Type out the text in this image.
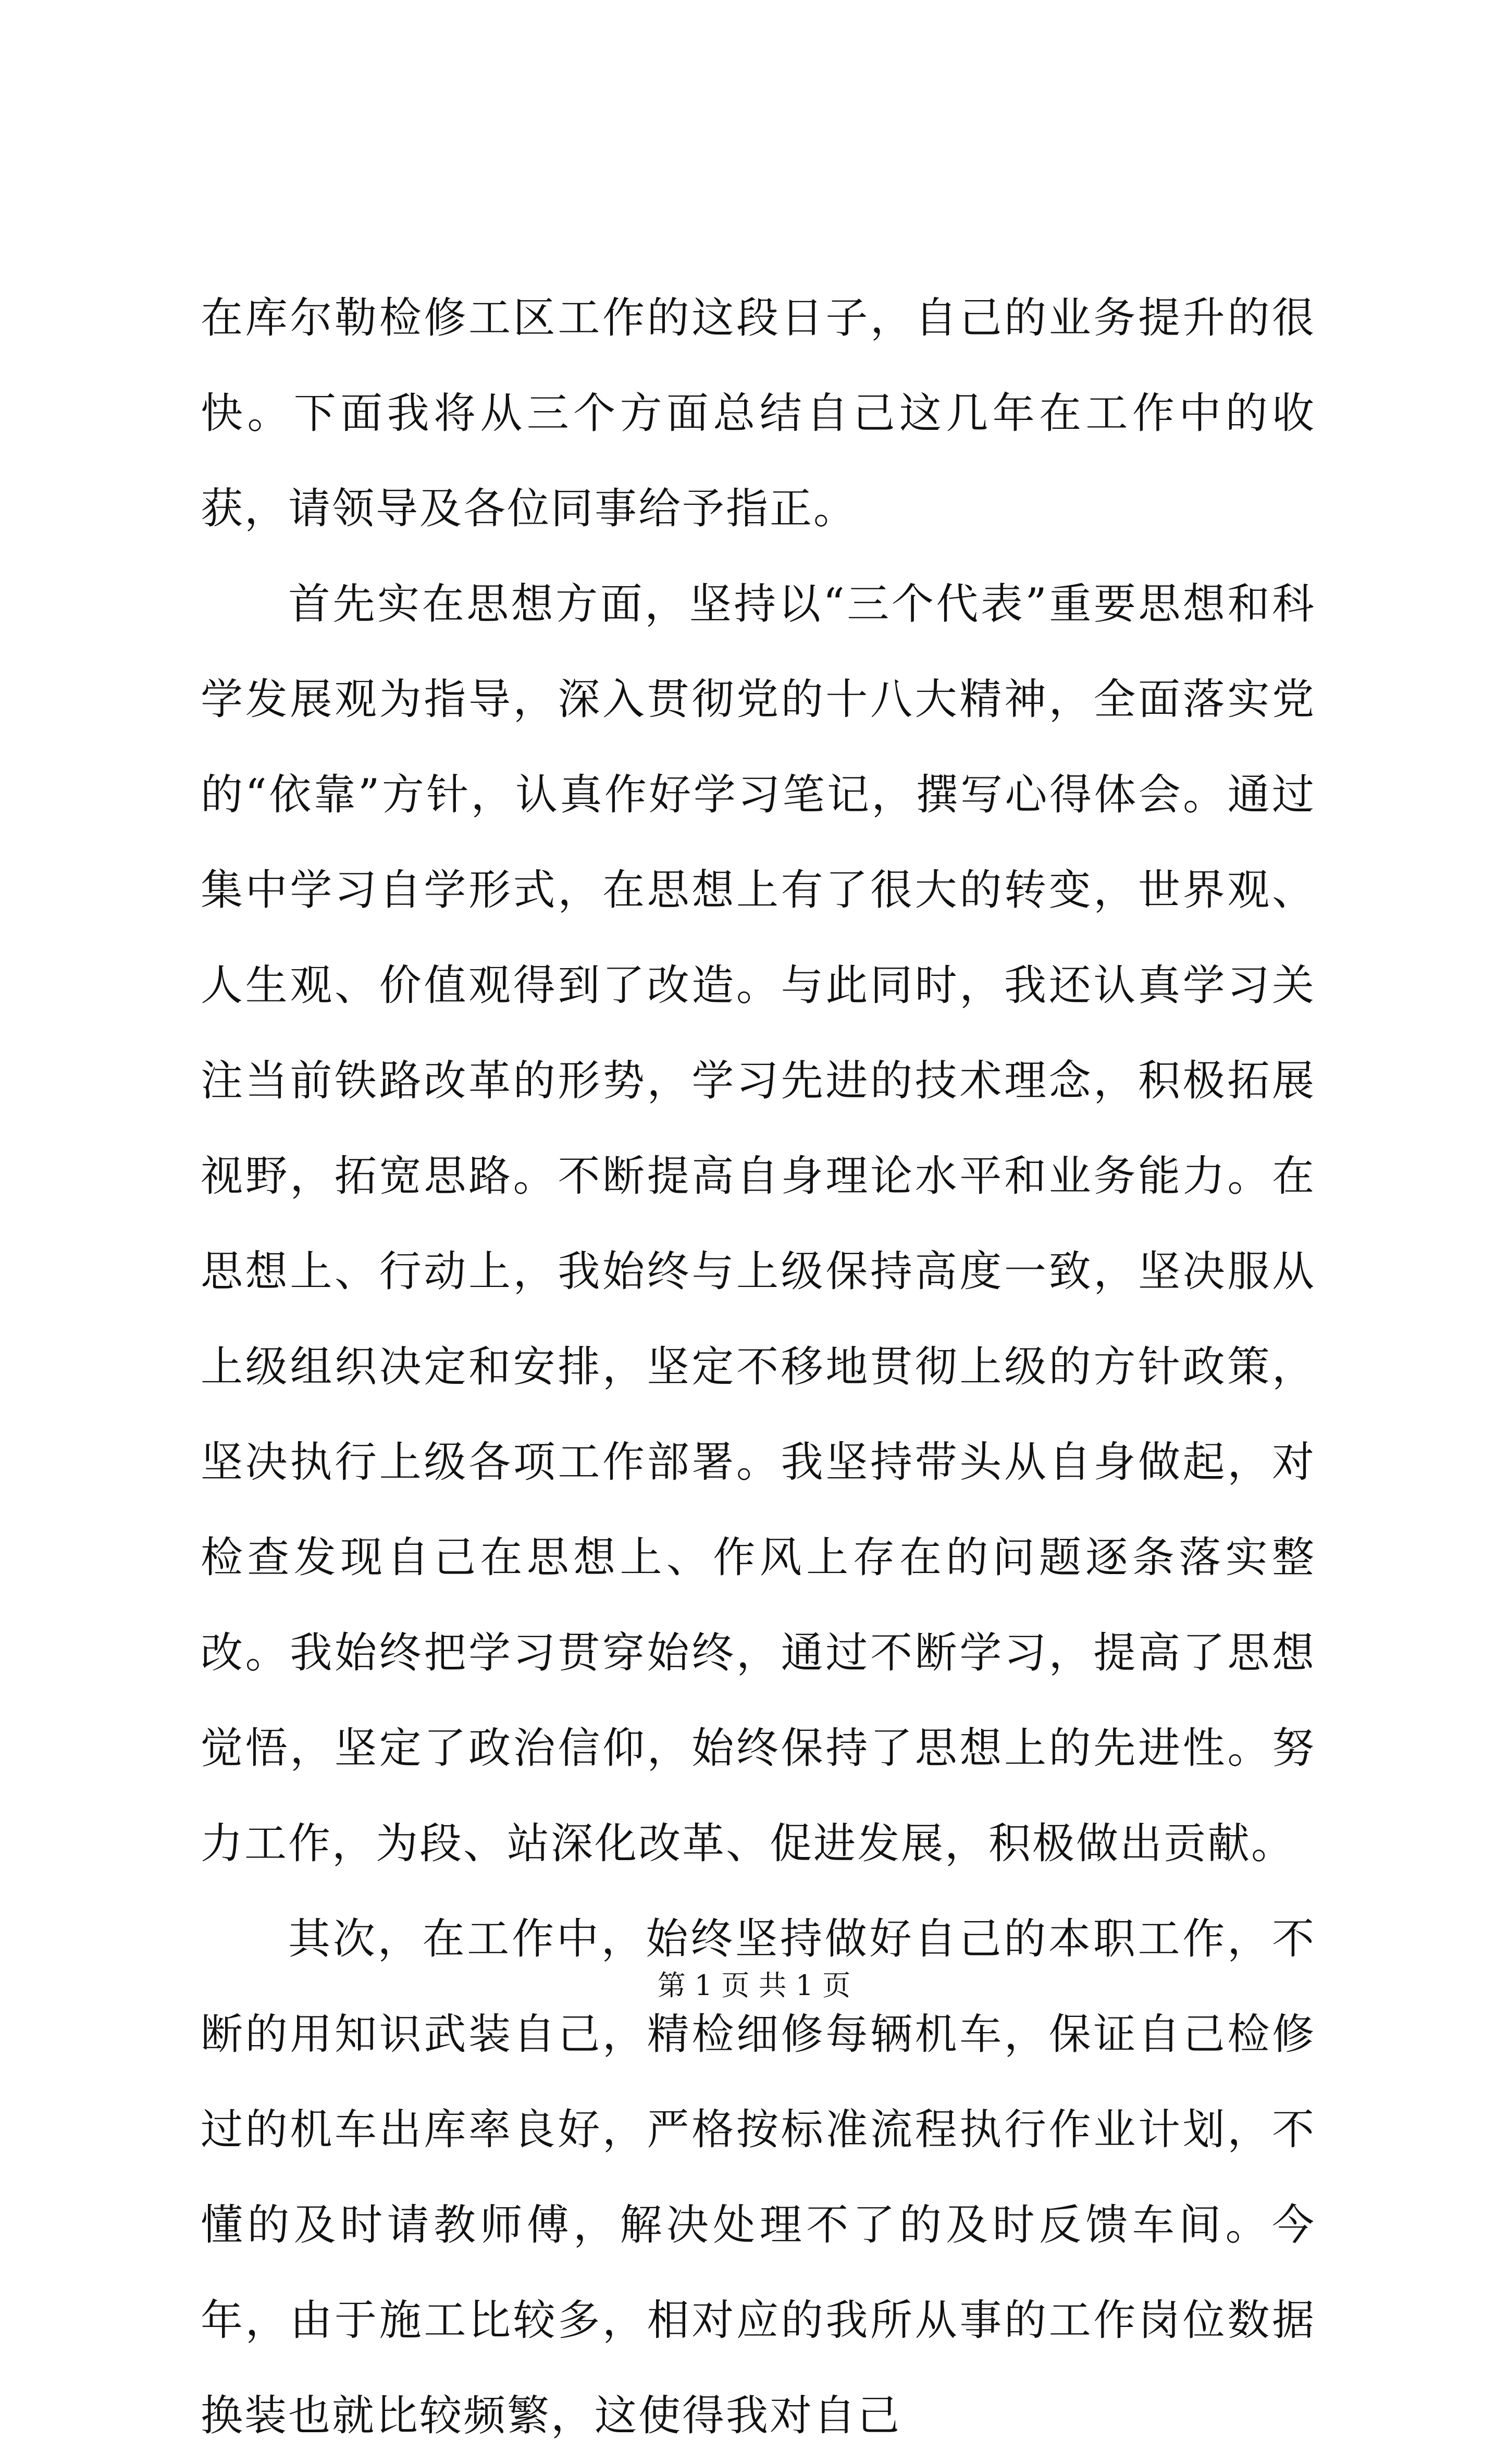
在库尔勒检修工区工作的这段日子，自己的业务提升的很快。下面我将从三个方面总结自己这几年在工作中的收获，请领导及各位同事给予指正。

首先实在思想方面，坚持以“三个代表”重要思想和科学发展观为指导，深入贯彻党的十八大精神，全面落实党的“依靠”方针，认真作好学习笔记，撰写心得体会。通过集中学习自学形式，在思想上有了很大的转变，世界观、人生观、价值观得到了改造。与此同时，我还认真学习关注当前铁路改革的形势，学习先进的技术理念，积极拓展视野，拓宽思路。不断提高自身理论水平和业务能力。在思想上、行动上，我始终与上级保持高度一致，坚决服从上级组织决定和安排，坚定不移地贯彻上级的方针政策，坚决执行上级各项工作部署。我坚持带头从自身做起，对检查发现自己在思想上、作风上存在的问题逐条落实整改。我始终把学习贯穿始终，通过不断学习，提高了思想觉悟，坚定了政治信仰，始终保持了思想上的先进性。努力工作，为段、站深化改革、促进发展，积极做出贡献。

其次，在工作中，始终坚持做好自己的本职工作，不断的用知识武装自己，精检细修每辆机车，保证自己检修过的机车出库率良好，严格按标准流程执行作业计划，不懂的及时请教师傅，解决处理不了的及时反馈车间。今年，由于施工比较多，相对应的我所从事的工作岗位数据换装也就比较频繁，这使得我对自己

第 1 页 共 1 页
